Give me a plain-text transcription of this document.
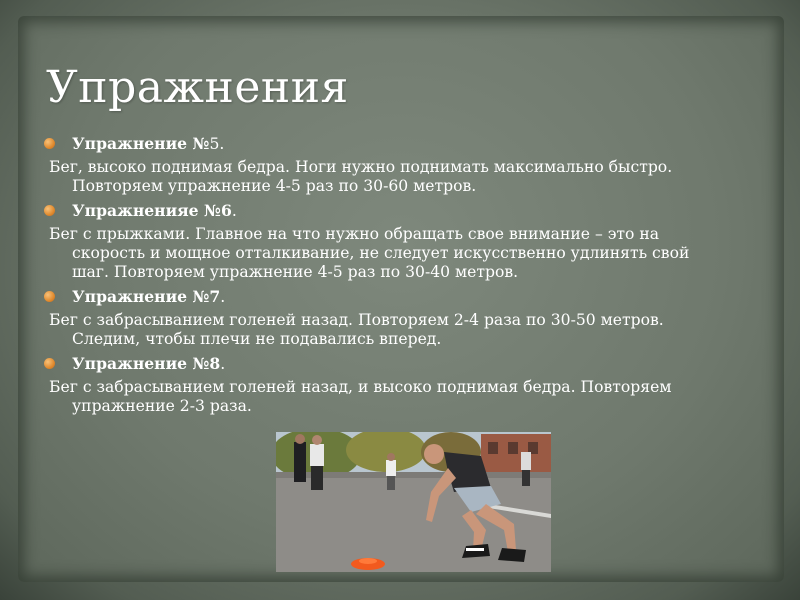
Упражнения
Упражнение №5.

Бег, высоко поднимая бедра. Ноги нужно поднимать максимально быстро.
Повторяем упражнение 4-5 раз по 30-60 метров.

Упражненияе №6.

Бег с прыжками. Главное на что нужно обращать свое внимание – это на
скорость и мощное отталкивание, не следует искусственно удлинять свой
шаг. Повторяем упражнение 4-5 раз по 30-40 метров.

Упражнение №7.

Бег с забрасыванием голеней назад. Повторяем 2-4 раза по 30-50 метров.
Следим, чтобы плечи не подавались вперед.

Упражнение №8.

Бег с забрасыванием голеней назад, и высоко поднимая бедра. Повторяем
упражнение 2-3 раза.
